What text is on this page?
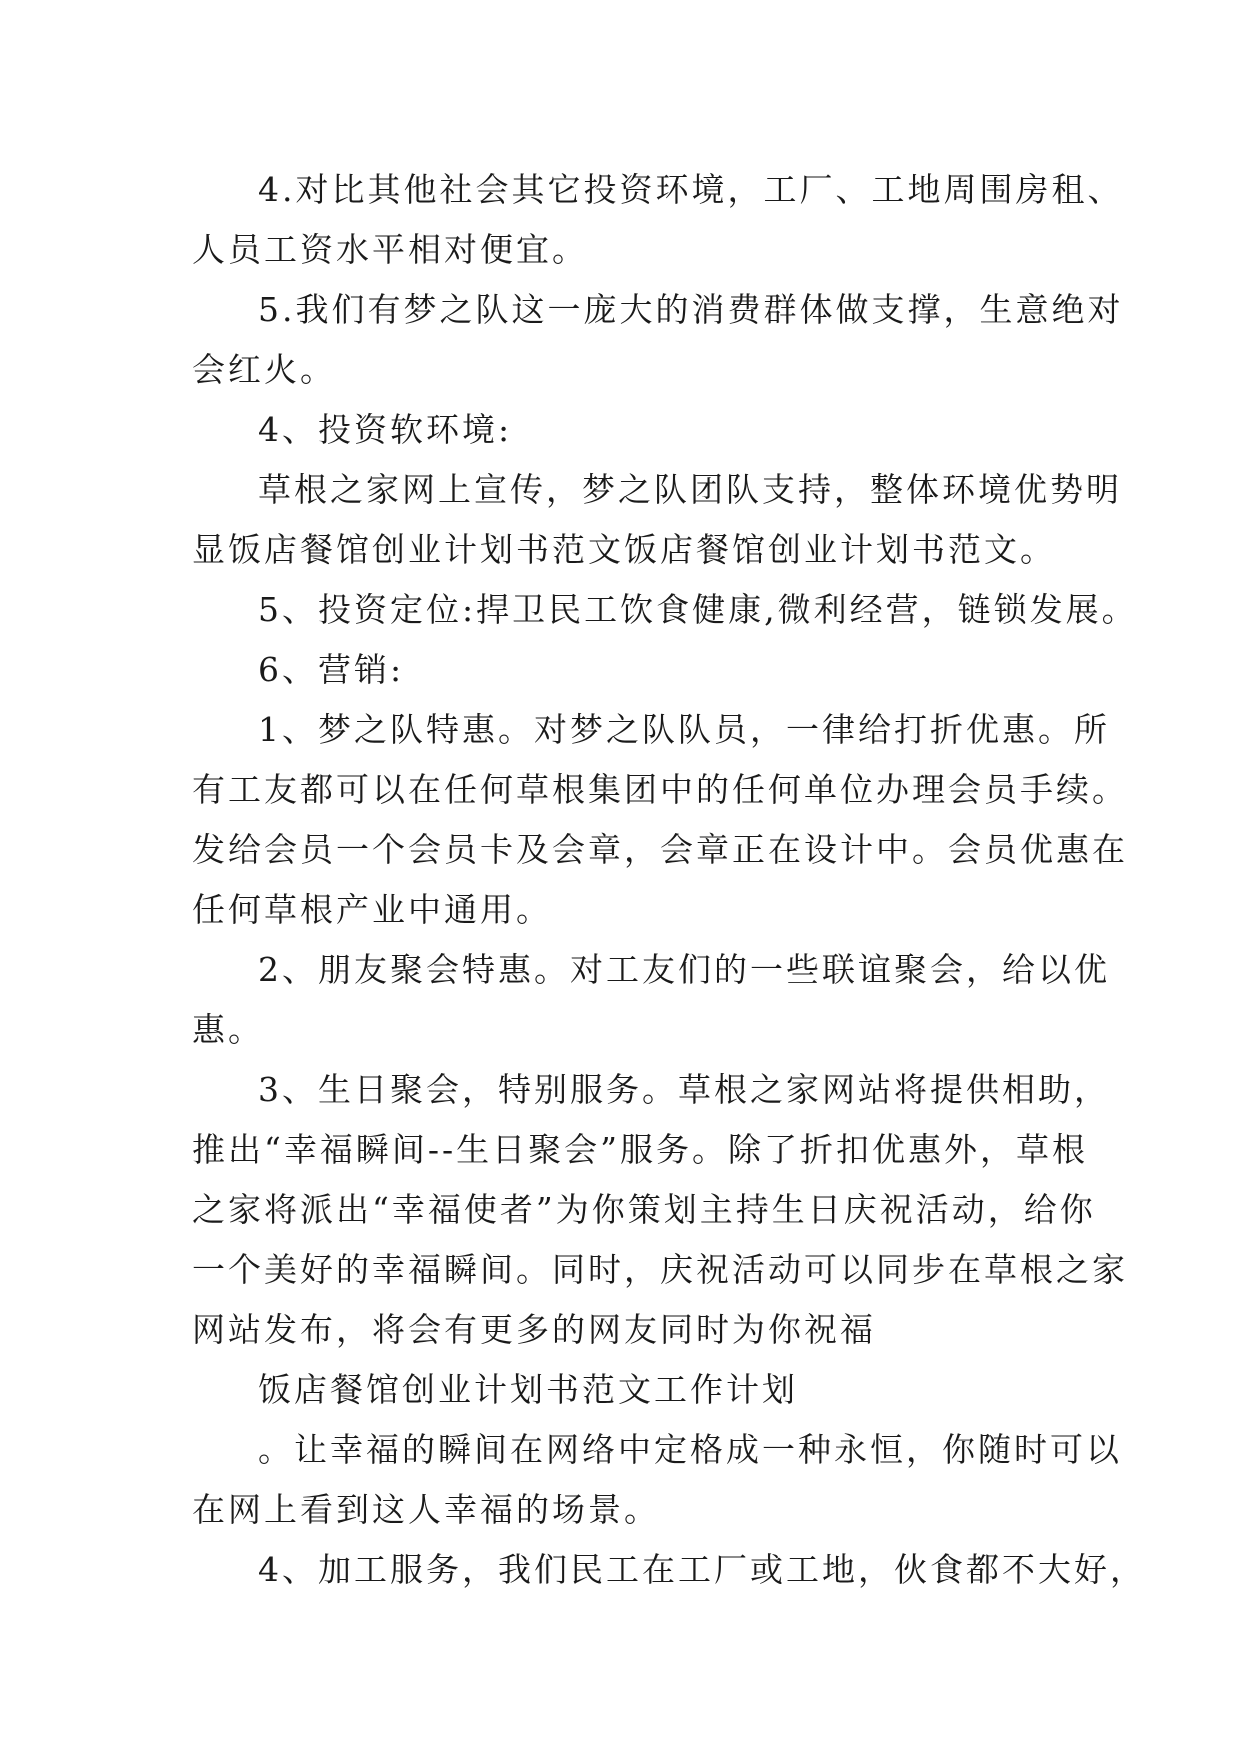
4.对比其他社会其它投资环境，工厂、工地周围房租、
人员工资水平相对便宜。
5.我们有梦之队这一庞大的消费群体做支撑，生意绝对
会红火。
4、投资软环境:
草根之家网上宣传，梦之队团队支持，整体环境优势明
显饭店餐馆创业计划书范文饭店餐馆创业计划书范文。
5、投资定位:捍卫民工饮食健康,微利经营，链锁发展。
6、营销:
1、梦之队特惠。对梦之队队员，一律给打折优惠。所
有工友都可以在任何草根集团中的任何单位办理会员手续。
发给会员一个会员卡及会章，会章正在设计中。会员优惠在
任何草根产业中通用。
2、朋友聚会特惠。对工友们的一些联谊聚会，给以优
惠。
3、生日聚会，特别服务。草根之家网站将提供相助，
推出“幸福瞬间--生日聚会”服务。除了折扣优惠外，草根
之家将派出“幸福使者”为你策划主持生日庆祝活动，给你
一个美好的幸福瞬间。同时，庆祝活动可以同步在草根之家
网站发布，将会有更多的网友同时为你祝福
饭店餐馆创业计划书范文工作计划
。让幸福的瞬间在网络中定格成一种永恒，你随时可以
在网上看到这人幸福的场景。
4、加工服务，我们民工在工厂或工地，伙食都不大好，
